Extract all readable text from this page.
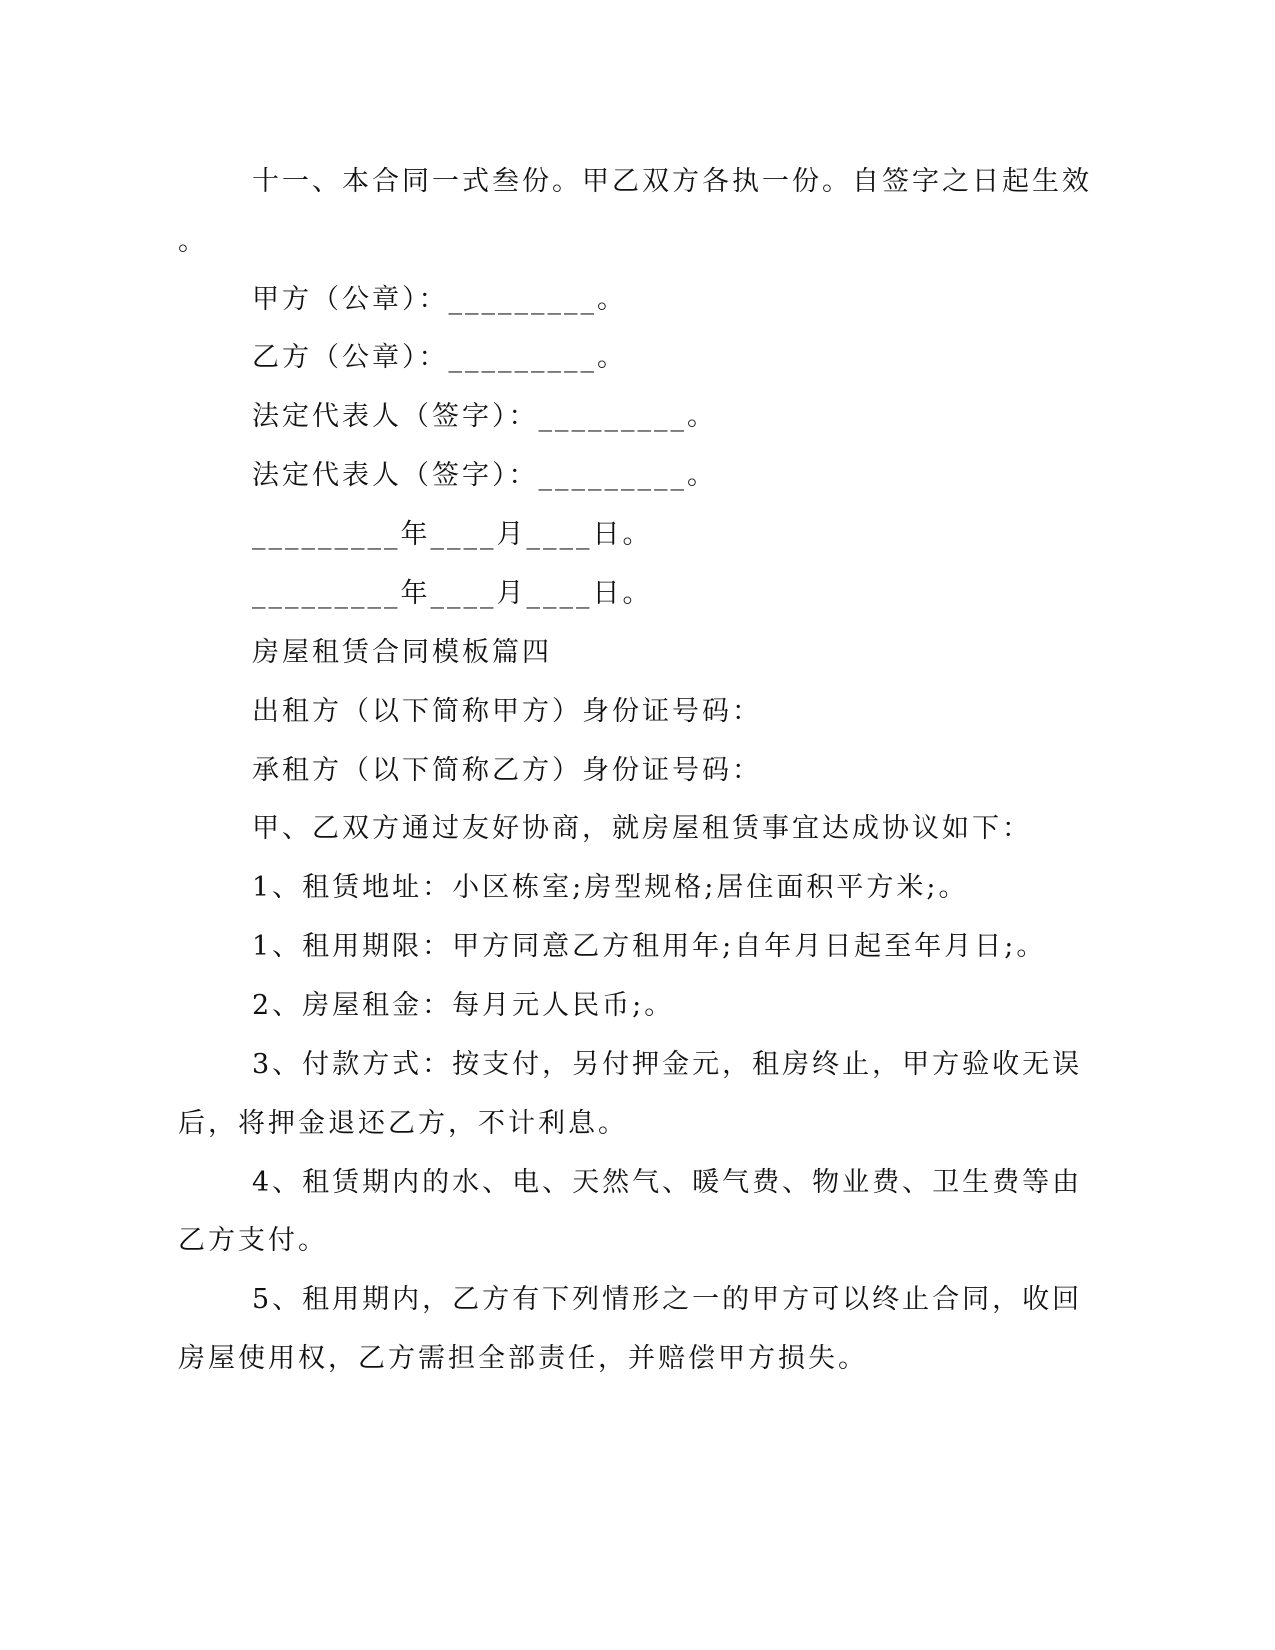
十一、本合同一式叁份。甲乙双方各执一份。自签字之日起生效
。
甲方（公章）：_________。
乙方（公章）：_________。
法定代表人（签字）：_________。
法定代表人（签字）：_________。
_________年____月____日。
_________年____月____日。
房屋租赁合同模板篇四
出租方（以下简称甲方）身份证号码：
承租方（以下简称乙方）身份证号码：
甲、乙双方通过友好协商，就房屋租赁事宜达成协议如下：
1、租赁地址：小区栋室;房型规格;居住面积平方米;。
1、租用期限：甲方同意乙方租用年;自年月日起至年月日;。
2、房屋租金：每月元人民币;。
3、付款方式：按支付，另付押金元，租房终止，甲方验收无误
后，将押金退还乙方，不计利息。
4、租赁期内的水、电、天然气、暖气费、物业费、卫生费等由
乙方支付。
5、租用期内，乙方有下列情形之一的甲方可以终止合同，收回
房屋使用权，乙方需担全部责任，并赔偿甲方损失。
